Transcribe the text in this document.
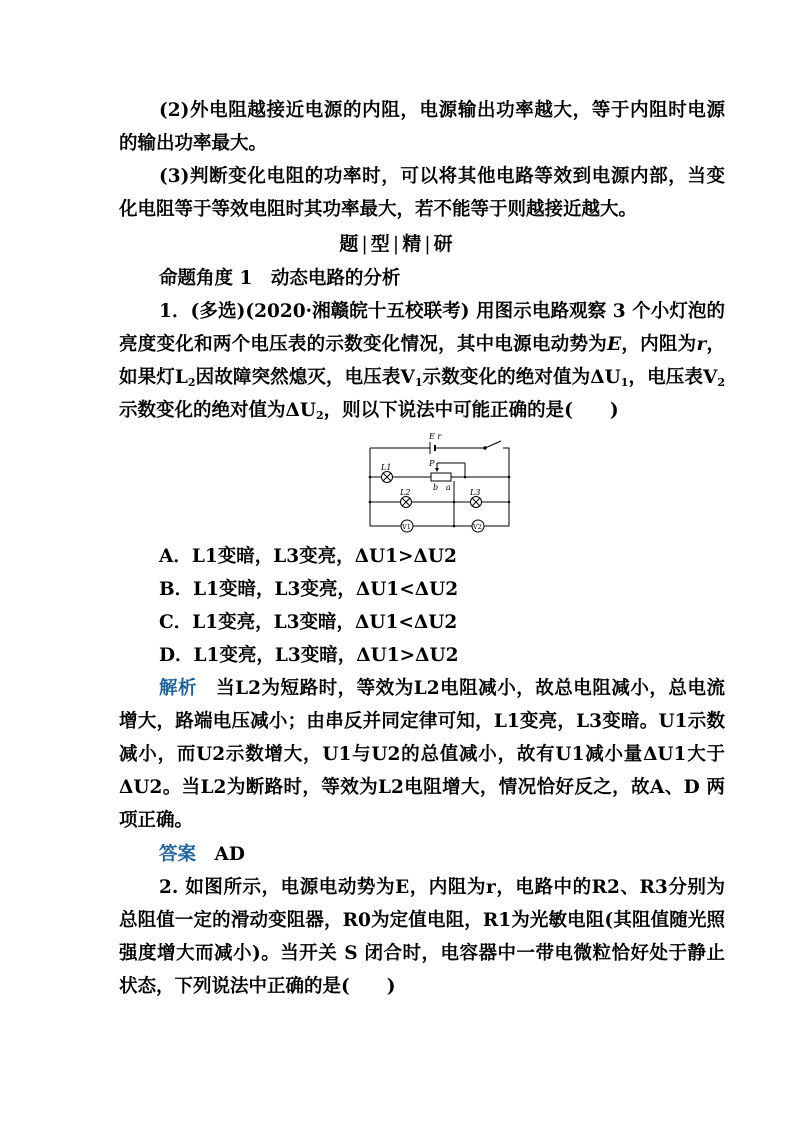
(2)外电阻越接近电源的内阻，电源输出功率越大，等于内阻时电源的输出功率最大。

(3)判断变化电阻的功率时，可以将其他电路等效到电源内部，当变化电阻等于等效电阻时其功率最大，若不能等于则越接近越大。

题|型|精|研
命题角度 1　动态电路的分析

1．(多选)(2020·湘赣皖十五校联考) 用图示电路观察 3 个小灯泡的亮度变化和两个电压表的示数变化情况，其中电源电动势为E，内阻为r，如果灯$L_2$因故障突然熄灭，电压表$V_1$示数变化的绝对值为$\Delta U_1$，电压表$V_2$示数变化的绝对值为$\Delta U_2$，则以下说法中可能正确的是(　　)

E r
L1
L2	L3
P
b a
V1	V2
A．L1变暗，L3变亮，ΔU1>ΔU2
B．L1变暗，L3变亮，ΔU1<ΔU2
C．L1变亮，L3变暗，ΔU1<ΔU2
D．L1变亮，L3变暗，ΔU1>ΔU2

解析　 当L2为短路时，等效为L2电阻减小，故总电阻减小，总电流增大，路端电压减小；由串反并同定律可知，L1变亮，L3变暗。U1示数减小，而U2示数增大，U1与U2的总值减小，故有U1减小量ΔU1大于ΔU2。当L2为断路时，等效为L2电阻增大，情况恰好反之，故A、D 两项正确。

答案　 AD

2. 如图所示，电源电动势为E，内阻为r，电路中的R2、R3分别为总阻值一定的滑动变阻器，R0为定值电阻，R1为光敏电阻(其阻值随光照强度增大而减小)。当开关 S 闭合时，电容器中一带电微粒恰好处于静止状态，下列说法中正确的是(　　)
